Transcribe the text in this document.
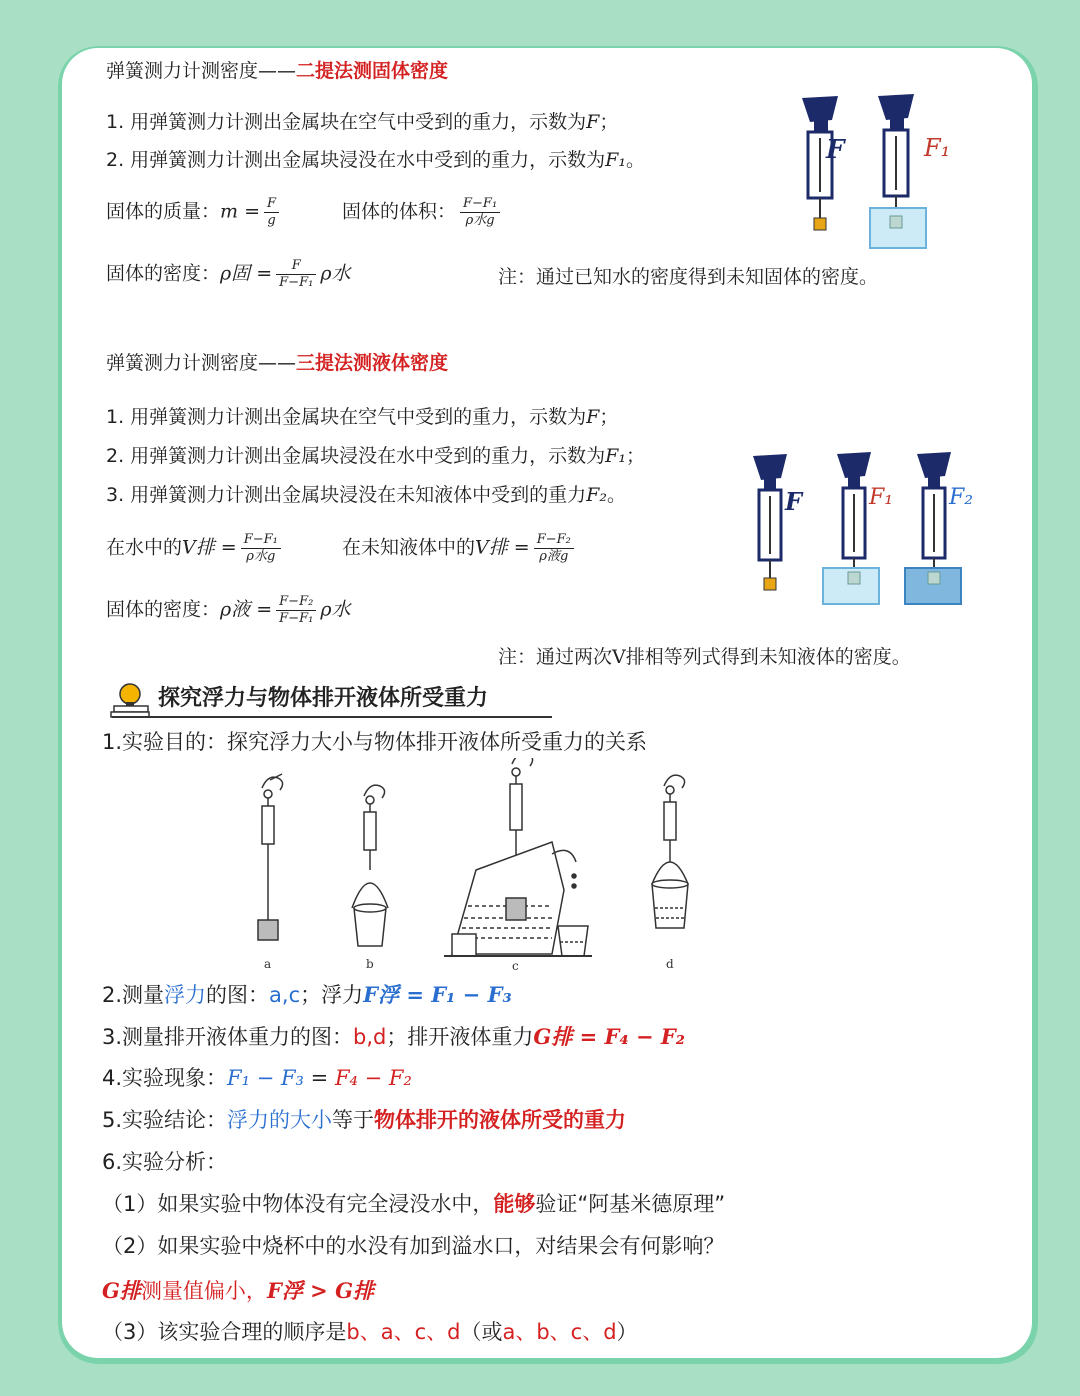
弹簧测力计测密度——二提法测固体密度
1. 用弹簧测力计测出金属块在空气中受到的重力，示数为F；
2. 用弹簧测力计测出金属块浸没在水中受到的重力，示数为F₁。
固体的质量：$m = \frac{F}{g}$	固体的体积： $\frac{\text{F−F₁}}{\text{ρ水g}}$
固体的密度：ρ固 = $\frac{F}{\text{F−F₁}}$ ρ水	注：通过已知水的密度得到未知固体的密度。
F	F₁
弹簧测力计测密度——三提法测液体密度
1. 用弹簧测力计测出金属块在空气中受到的重力，示数为F；
2. 用弹簧测力计测出金属块浸没在水中受到的重力，示数为F₁；
3. 用弹簧测力计测出金属块浸没在未知液体中受到的重力F₂。
在水中的V排 = $\frac{\text{F−F₁}}{\text{ρ水g}}$	在未知液体中的V排 = $\frac{\text{F−F₂}}{\text{ρ液g}}$
固体的密度：ρ液 = $\frac{\text{F−F₂}}{\text{F−F₁}}$ ρ水
注：通过两次V排相等列式得到未知液体的密度。
F	F₁	F₂
探究浮力与物体排开液体所受重力
1.实验目的：探究浮力大小与物体排开液体所受重力的关系
a	b	c	d
2.测量浮力的图：a,c；浮力F浮 = F₁ − F₃
3.测量排开液体重力的图：b,d；排开液体重力G排 = F₄ − F₂
4.实验现象：F₁ − F₃ = F₄ − F₂
5.实验结论：浮力的大小等于物体排开的液体所受的重力
6.实验分析：
（1）如果实验中物体没有完全浸没水中，能够验证“阿基米德原理”
（2）如果实验中烧杯中的水没有加到溢水口，对结果会有何影响？
G排测量值偏小，F浮 > G排
（3）该实验合理的顺序是b、a、c、d（或a、b、c、d）
